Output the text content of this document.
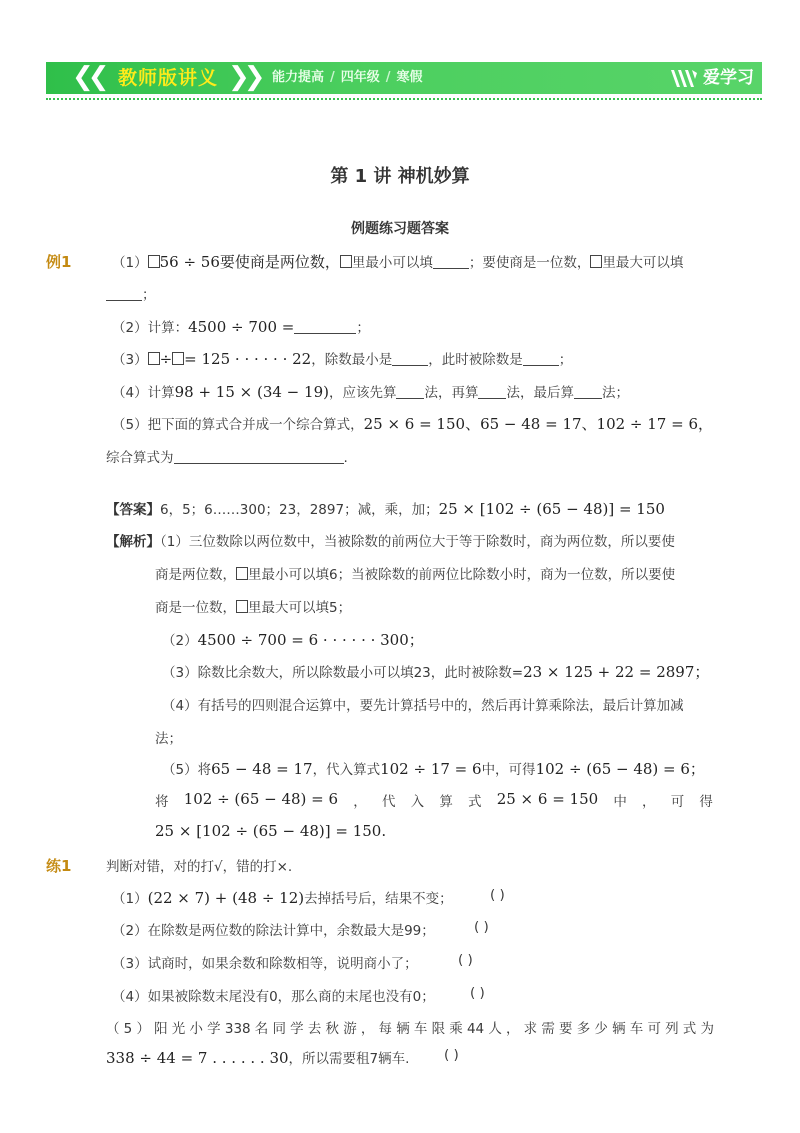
❮❮ 教师版讲义 ❯❯ 能力提高 / 四年级 / 寒假	爱学习
第 1 讲 神机妙算
例题练习题答案
例1	（1） 56 ÷ 56要使商是两位数， 里最小可以填	；要使商是一位数， 里最大可以填
；
（2）计算：4500 ÷ 700 =	；
（3） ÷ = 125 · · · · · · 22，除数最小是	，此时被除数是	；
（4）计算98 + 15 × (34 − 19)，应该先算 法，再算 法，最后算 法；
（5）把下面的算式合并成一个综合算式，25 × 6 = 150、65 − 48 = 17、102 ÷ 17 = 6，
综合算式为	.
【答案】6，5；6……300；23，2897；减，乘，加；25 × [102 ÷ (65 − 48)] = 150
【解析】（1）三位数除以两位数中，当被除数的前两位大于等于除数时，商为两位数，所以要使
商是两位数， 里最小可以填6；当被除数的前两位比除数小时，商为一位数，所以要使
商是一位数， 里最大可以填5；
（2）4500 ÷ 700 = 6 · · · · · · 300；
（3）除数比余数大，所以除数最小可以填23，此时被除数=23 × 125 + 22 = 2897；
（4）有括号的四则混合运算中，要先计算括号中的，然后再计算乘除法，最后计算加减
法；
（5）将65 − 48 = 17，代入算式102 ÷ 17 = 6中，可得102 ÷ (65 − 48) = 6；
将 102 ÷ (65 − 48) = 6 ， 代 入 算 式 25 × 6 = 150 中 ， 可 得
25 × [102 ÷ (65 − 48)] = 150.
练1	判断对错，对的打√，错的打×.
（1）(22 × 7) + (48 ÷ 12)去掉括号后，结果不变；	( )
（2）在除数是两位数的除法计算中，余数最大是99；	( )
（3）试商时，如果余数和除数相等，说明商小了；	( )
（4）如果被除数末尾没有0，那么商的末尾也没有0；	( )
（5）阳光小学338名同学去秋游，每辆车限乘44人，求需要多少辆车可列式为
338 ÷ 44 = 7 . . . . . . 30，所以需要租7辆车.	( )
